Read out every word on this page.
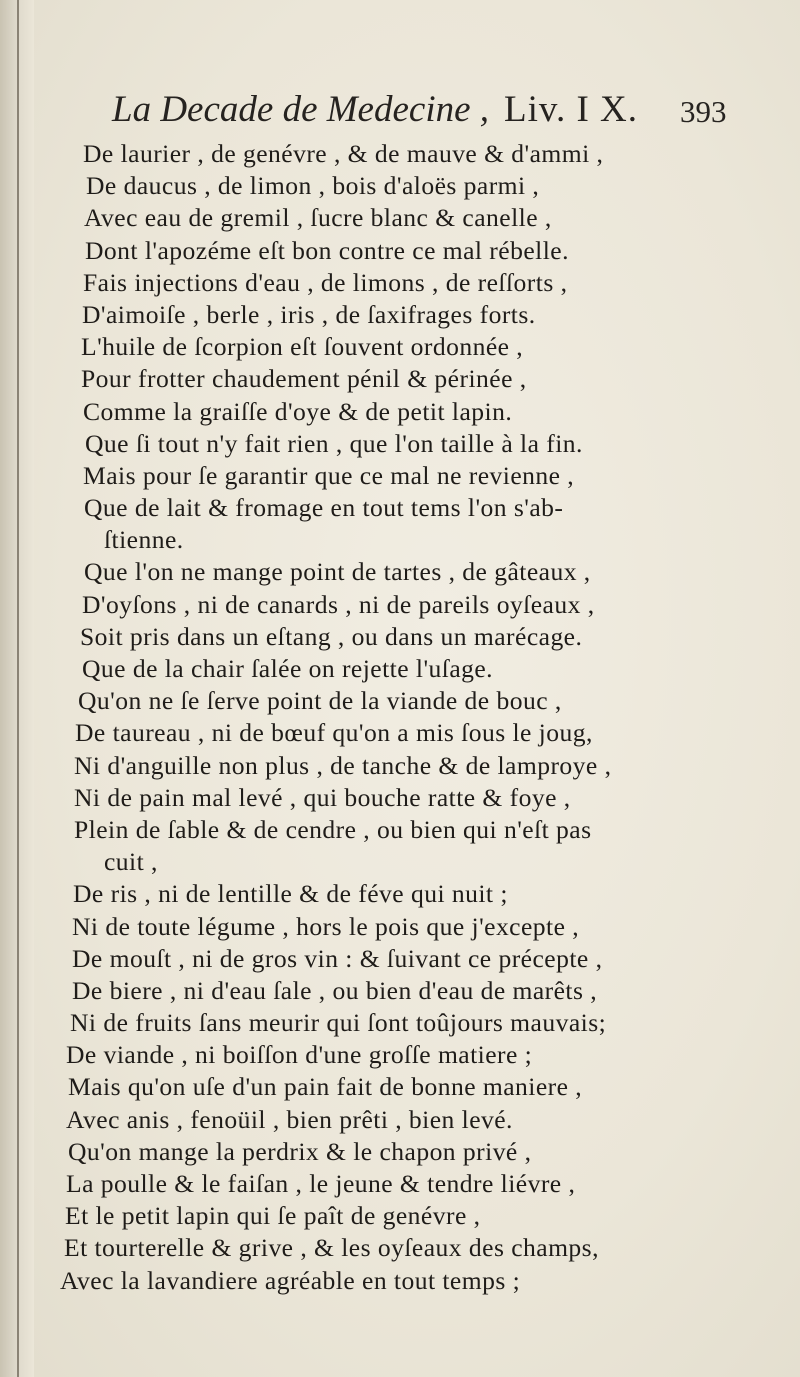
La Decade de Medecine , Liv. I X. 393
De laurier , de genévre , & de mauve & d'ammi ,
De daucus , de limon , bois d'aloës parmi ,
Avec eau de gremil , ſucre blanc & canelle ,
Dont l'apozéme eſt bon contre ce mal rébelle.
Fais injections d'eau , de limons , de reſſorts ,
D'aimoiſe , berle , iris , de ſaxifrages forts.
L'huile de ſcorpion eſt ſouvent ordonnée ,
Pour frotter chaudement pénil & périnée ,
Comme la graiſſe d'oye & de petit lapin.
Que ſi tout n'y fait rien , que l'on taille à la fin.
Mais pour ſe garantir que ce mal ne revienne ,
Que de lait & fromage en tout tems l'on s'ab-
ſtienne.
Que l'on ne mange point de tartes , de gâteaux ,
D'oyſons , ni de canards , ni de pareils oyſeaux ,
Soit pris dans un eſtang , ou dans un marécage.
Que de la chair ſalée on rejette l'uſage.
Qu'on ne ſe ſerve point de la viande de bouc ,
De taureau , ni de bœuf qu'on a mis ſous le joug,
Ni d'anguille non plus , de tanche & de lamproye ,
Ni de pain mal levé , qui bouche ratte & foye ,
Plein de ſable & de cendre , ou bien qui n'eſt pas
cuit ,
De ris , ni de lentille & de féve qui nuit ;
Ni de toute légume , hors le pois que j'excepte ,
De mouſt , ni de gros vin : & ſuivant ce précepte ,
De biere , ni d'eau ſale , ou bien d'eau de marêts ,
Ni de fruits ſans meurir qui ſont toûjours mauvais;
De viande , ni boiſſon d'une groſſe matiere ;
Mais qu'on uſe d'un pain fait de bonne maniere ,
Avec anis , fenoüil , bien prêti , bien levé.
Qu'on mange la perdrix & le chapon privé ,
La poulle & le faiſan , le jeune & tendre liévre ,
Et le petit lapin qui ſe paît de genévre ,
Et tourterelle & grive , & les oyſeaux des champs,
Avec la lavandiere agréable en tout temps ;
